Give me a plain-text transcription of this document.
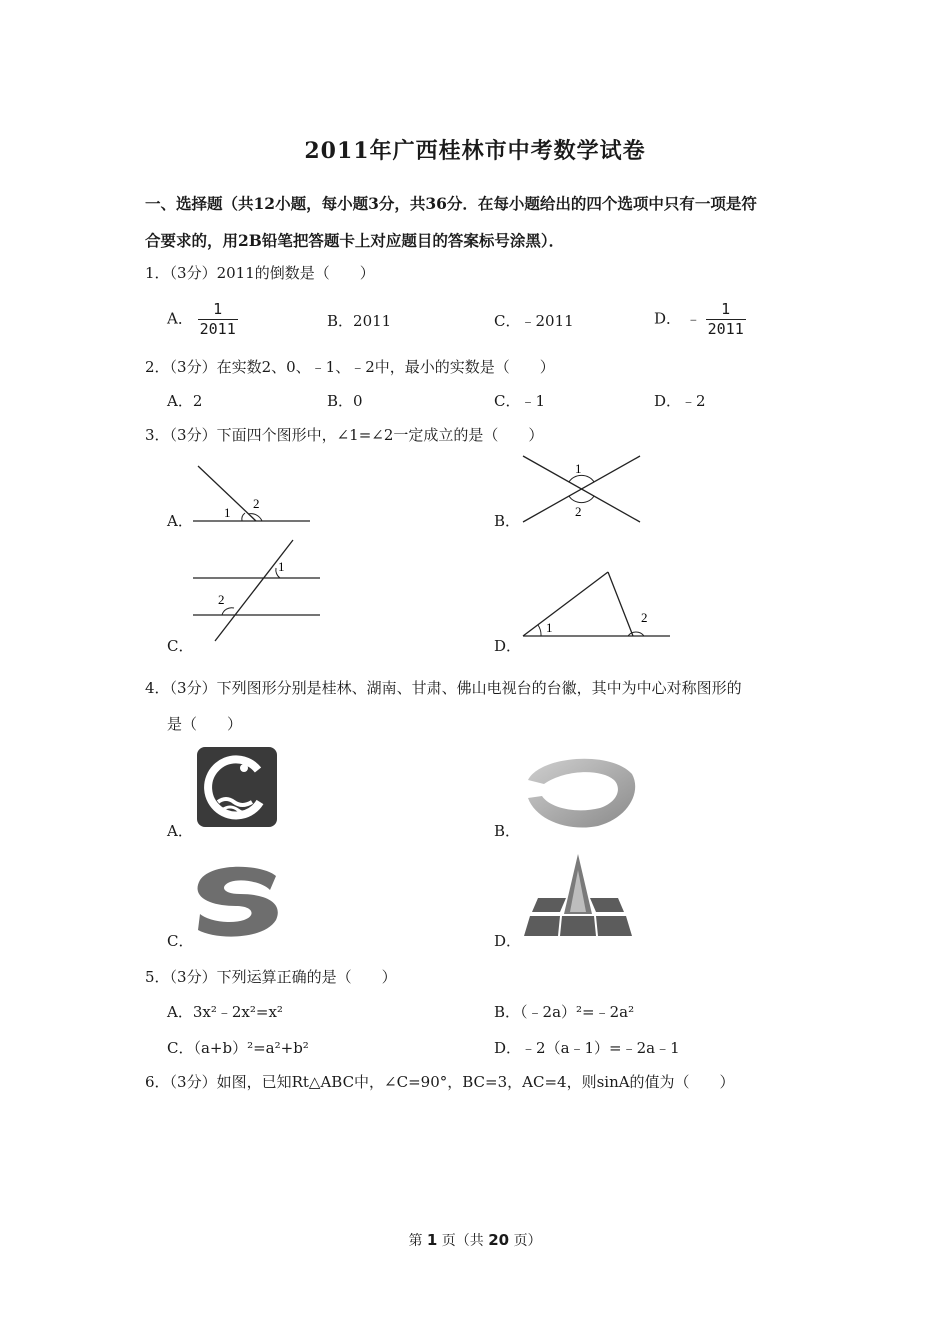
2011年广西桂林市中考数学试卷
一、选择题（共12小题，每小题3分，共36分．在每小题给出的四个选项中只有一项是符
合要求的，用2B铅笔把答题卡上对应题目的答案标号涂黑）．
1．（3分）2011的倒数是（　　）
A． $\frac{1}{2011}$	B．2011	C．﹣2011	D． ﹣ $\frac{1}{2011}$
2．（3分）在实数2、0、﹣1、﹣2中，最小的实数是（　　）
A．2	B．0	C．﹣1	D．﹣2
3．（3分）下面四个图形中，∠1=∠2一定成立的是（　　）
A．	B．
C．	D．
1
2
1
2
1
2
1
2
4．（3分）下列图形分别是桂林、湖南、甘肃、佛山电视台的台徽，其中为中心对称图形的
是（　　）
A．	B．
C．	D．
5．（3分）下列运算正确的是（　　）
A．3x²﹣2x²=x²	B．（﹣2a）²=﹣2a²
C．（a+b）²=a²+b²	D．﹣2（a﹣1）=﹣2a﹣1
6．（3分）如图，已知Rt△ABC中，∠C=90°，BC=3，AC=4，则sinA的值为（　　）
第 1 页（共 20 页）
